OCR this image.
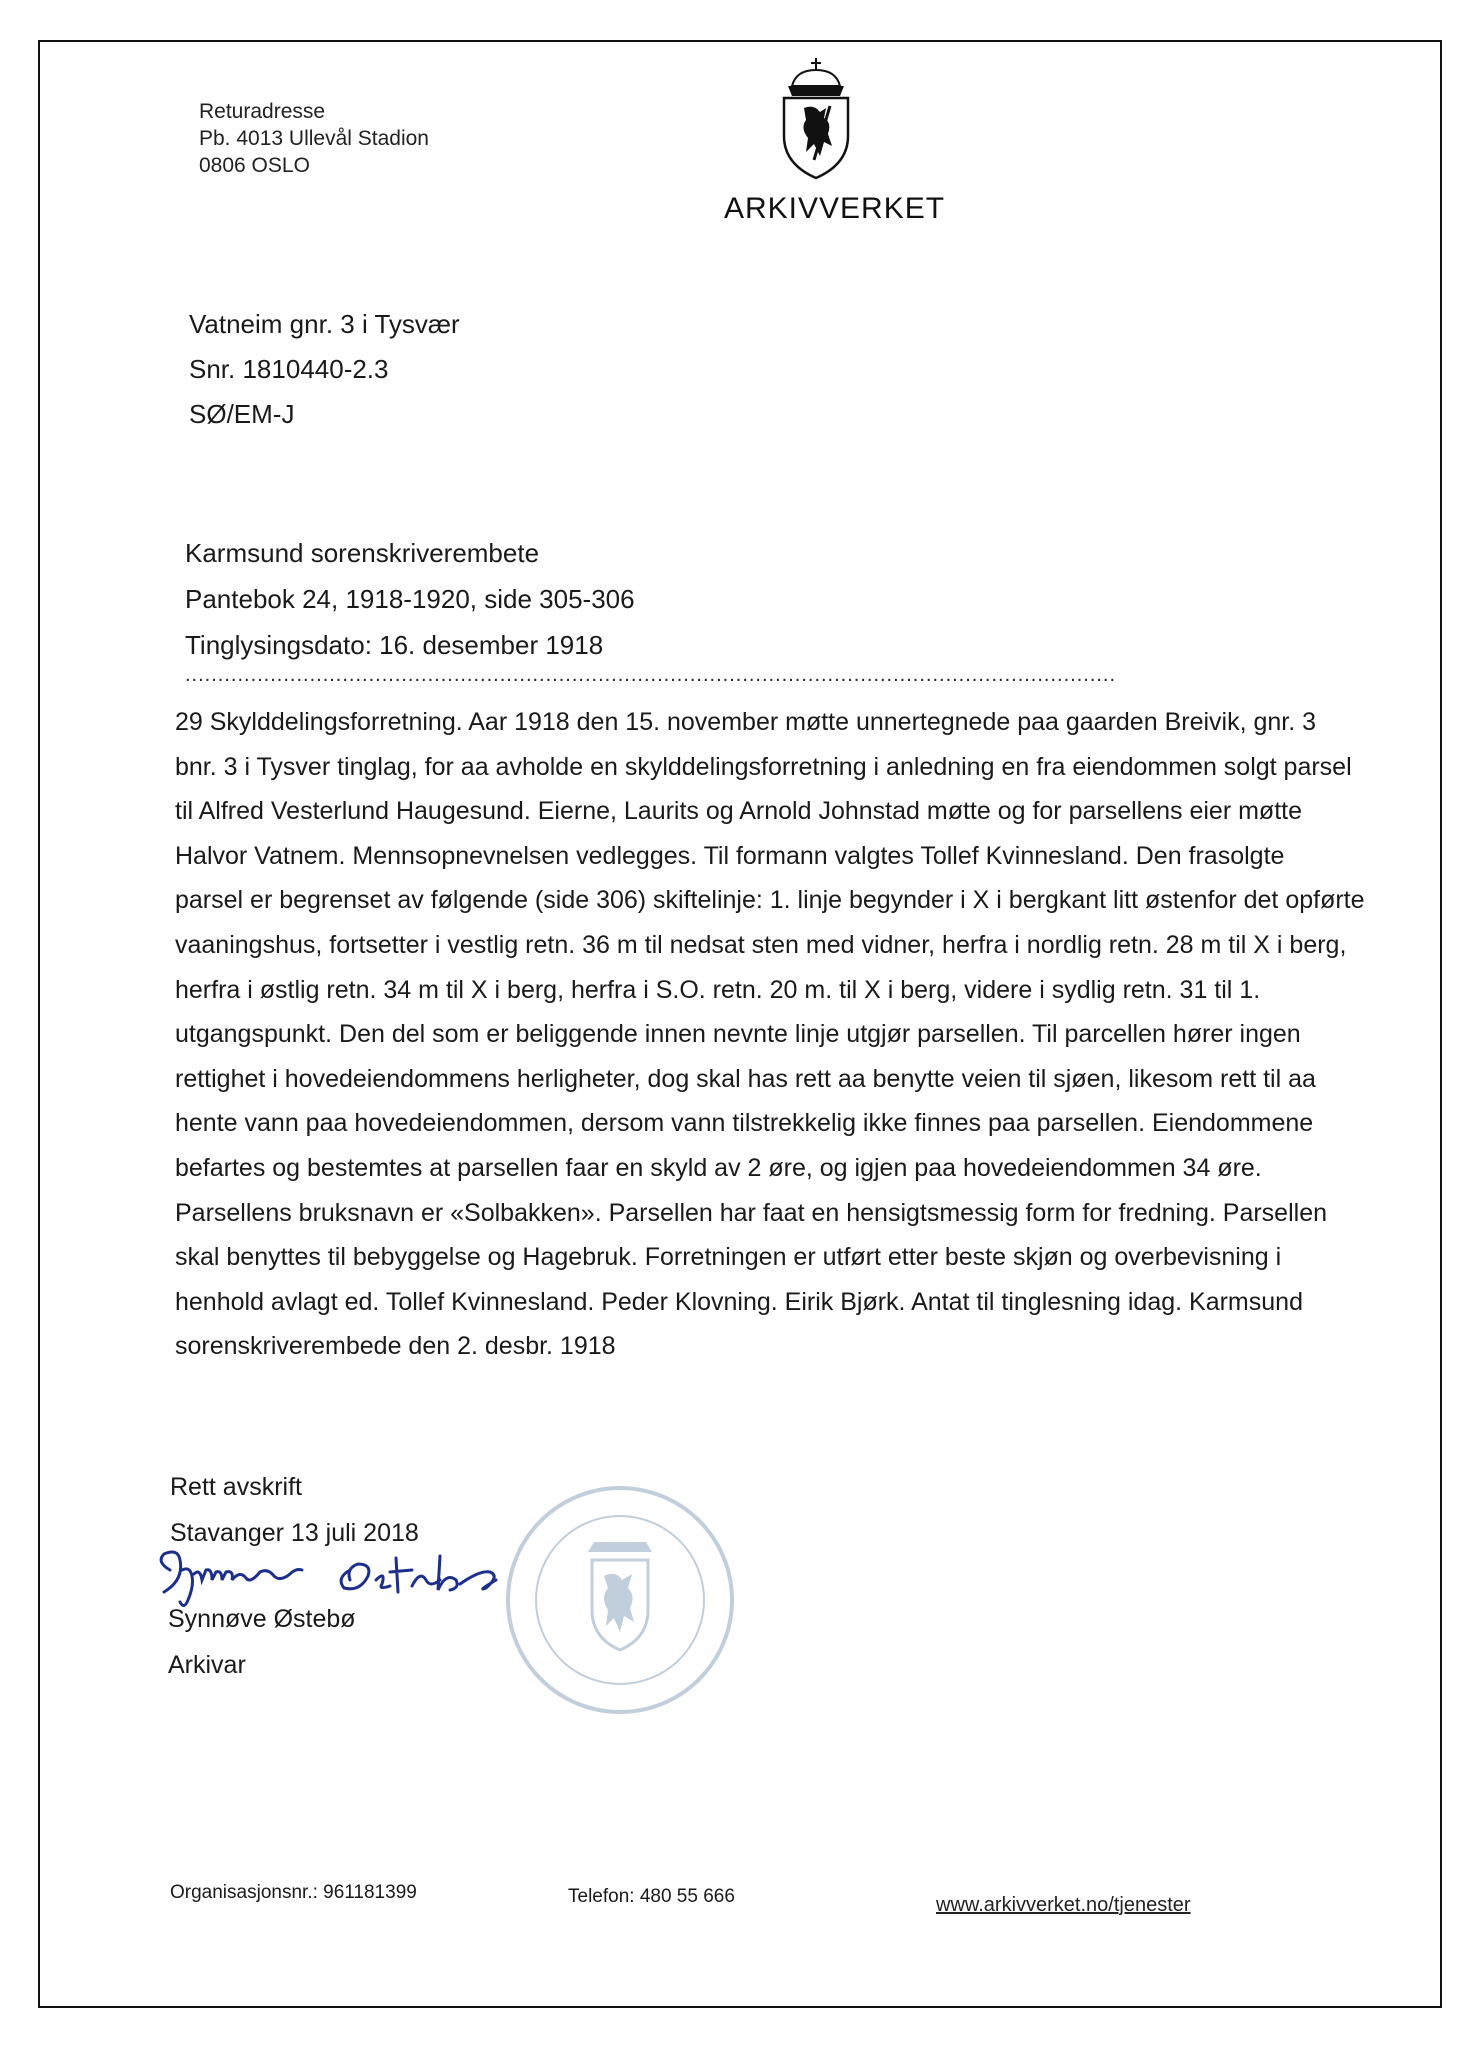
Returadresse
Pb. 4013 Ullevål Stadion
0806 OSLO
ARKIVVERKET
Vatneim gnr. 3 i Tysvær
Snr. 1810440-2.3
SØ/EM-J
Karmsund sorenskriverembete
Pantebok 24, 1918-1920, side 305-306
Tinglysingsdato: 16. desember 1918
..............................................................................................................................................
29 Skylddelingsforretning. Aar 1918 den 15. november møtte unnertegnede paa gaarden Breivik, gnr. 3
bnr. 3 i Tysver tinglag, for aa avholde en skylddelingsforretning i anledning en fra eiendommen solgt parsel
til Alfred Vesterlund Haugesund. Eierne, Laurits og Arnold Johnstad møtte og for parsellens eier møtte
Halvor Vatnem. Mennsopnevnelsen vedlegges. Til formann valgtes Tollef Kvinnesland. Den frasolgte
parsel er begrenset av følgende (side 306) skiftelinje: 1. linje begynder i X i bergkant litt østenfor det opførte
vaaningshus, fortsetter i vestlig retn. 36 m til nedsat sten med vidner, herfra i nordlig retn. 28 m til X i berg,
herfra i østlig retn. 34 m til X i berg, herfra i S.O. retn. 20 m. til X i berg, videre i sydlig retn. 31 til 1.
utgangspunkt. Den del som er beliggende innen nevnte linje utgjør parsellen. Til parcellen hører ingen
rettighet i hovedeiendommens herligheter, dog skal has rett aa benytte veien til sjøen, likesom rett til aa
hente vann paa hovedeiendommen, dersom vann tilstrekkelig ikke finnes paa parsellen. Eiendommene
befartes og bestemtes at parsellen faar en skyld av 2 øre, og igjen paa hovedeiendommen 34 øre.
Parsellens bruksnavn er «Solbakken». Parsellen har faat en hensigtsmessig form for fredning. Parsellen
skal benyttes til bebyggelse og Hagebruk. Forretningen er utført etter beste skjøn og overbevisning i
henhold avlagt ed. Tollef Kvinnesland. Peder Klovning. Eirik Bjørk. Antat til tinglesning idag. Karmsund
sorenskriverembede den 2. desbr. 1918
Rett avskrift
Stavanger 13 juli 2018
Synnøve Østebø
Arkivar
Organisasjonsnr.: 961181399	Telefon: 480 55 666	www.arkivverket.no/tjenester
